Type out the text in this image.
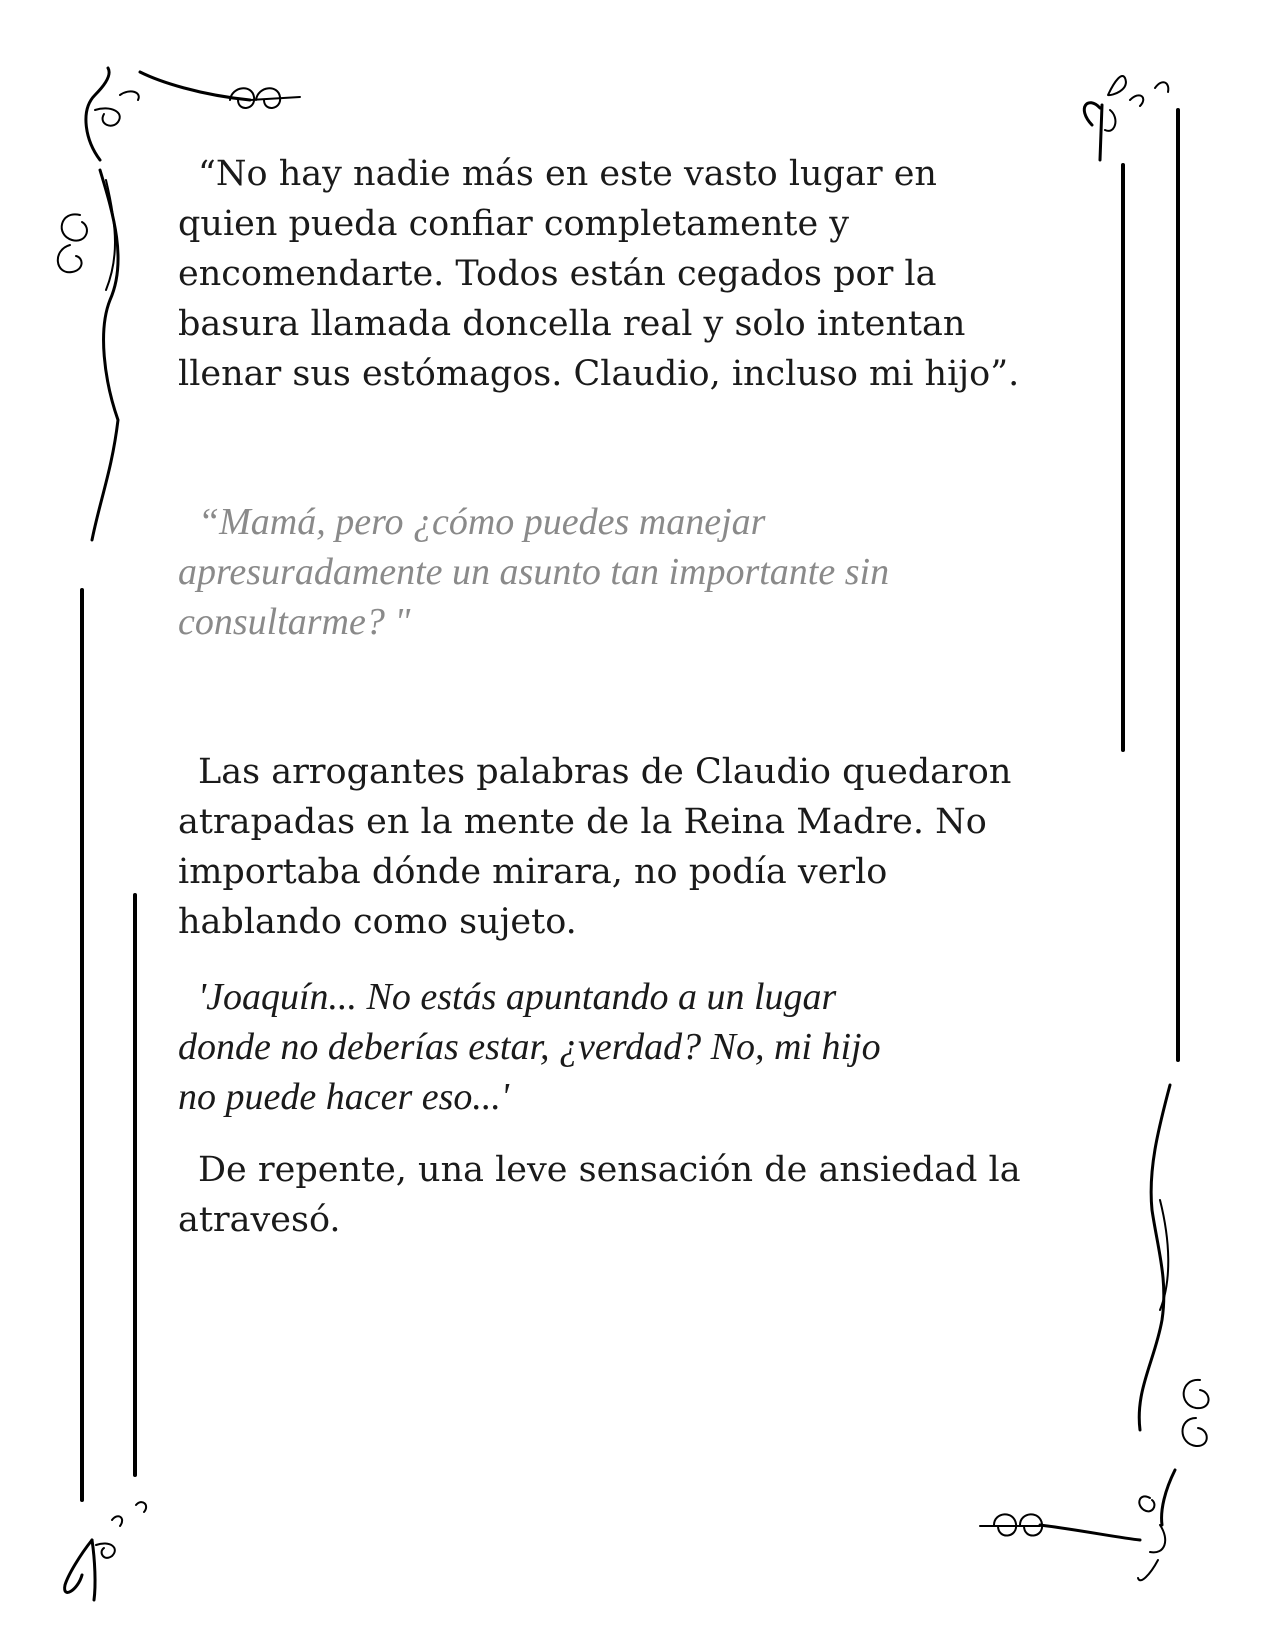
“No hay nadie más en este vasto lugar en
quien pueda confiar completamente y
encomendarte. Todos están cegados por la
basura llamada doncella real y solo intentan
llenar sus estómagos. Claudio, incluso mi hijo”.

“Mamá, pero ¿cómo puedes manejar
apresuradamente un asunto tan importante sin
consultarme? "

Las arrogantes palabras de Claudio quedaron
atrapadas en la mente de la Reina Madre. No
importaba dónde mirara, no podía verlo
hablando como sujeto.

'Joaquín... No estás apuntando a un lugar
donde no deberías estar, ¿verdad? No, mi hijo
no puede hacer eso...'

De repente, una leve sensación de ansiedad la
atravesó.
